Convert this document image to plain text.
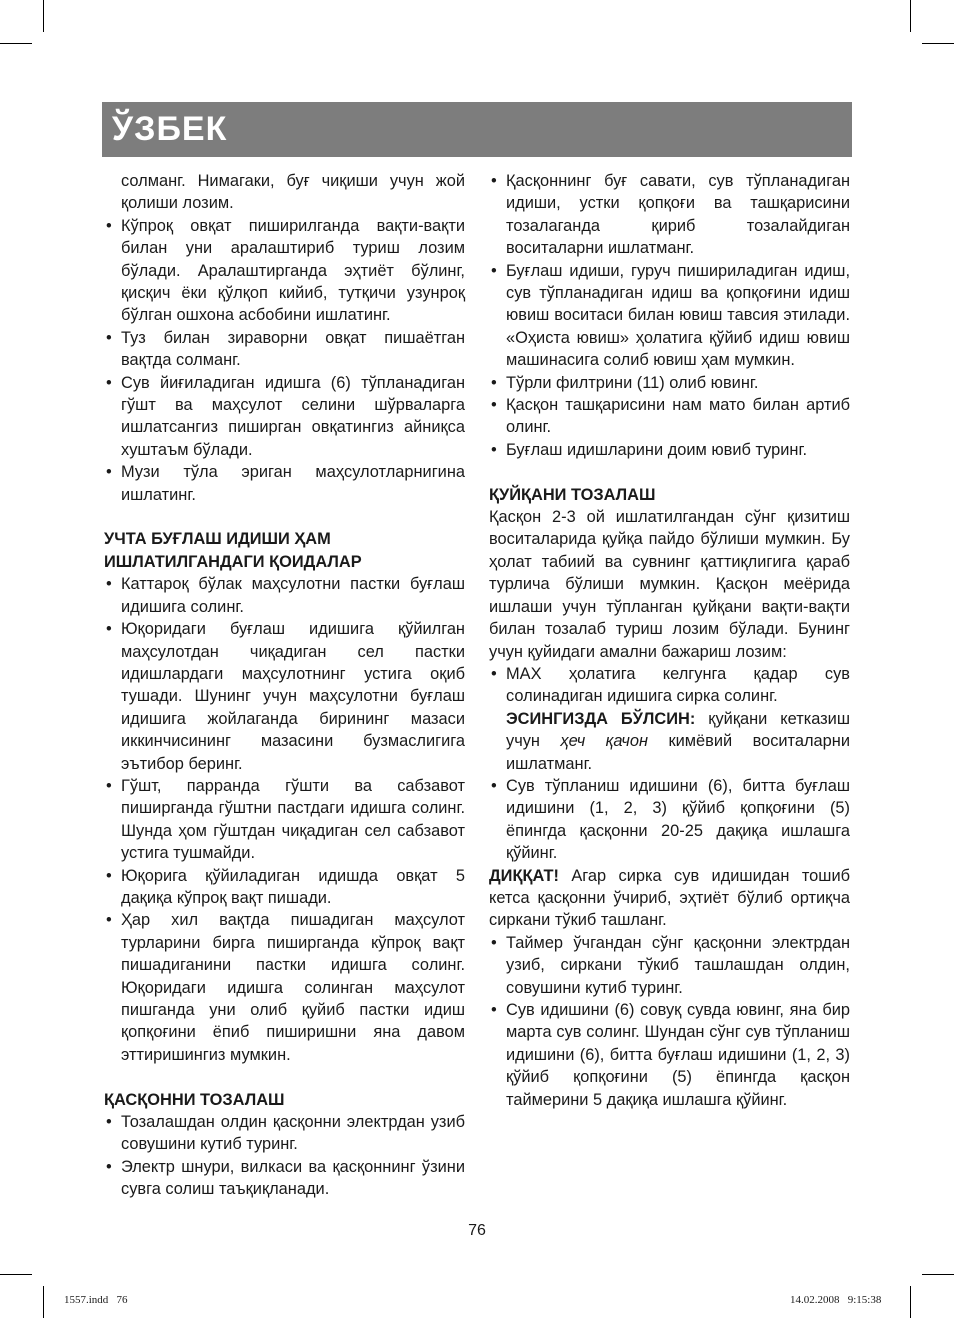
ЎЗБЕК

солманг. Нимагаки, буғ чиқиши учун жой қолиши лозим.

• Кўпроқ овқат пиширилганда вақти-вақти билан уни аралаштириб туриш лозим бўлади. Аралаштирганда эҳтиёт бўлинг, қисқич ёки қўлқоп кийиб, тутқичи узунроқ бўлган ошхона асбобини ишлатинг.
• Туз билан зираворни овқат пишаётган вақтда солманг.
• Сув йиғиладиган идишга (6) тўпланадиган гўшт ва маҳсулот селини шўрваларга ишлатсангиз пиширган овқатингиз айниқса хуштаъм бўлади.
• Музи тўла эриган маҳсулотларнигина ишлатинг.
УЧТА БУҒЛАШ ИДИШИ ҲАМ
ИШЛАТИЛГАНДАГИ ҚОИДАЛАР
• Каттароқ бўлак маҳсулотни пастки буғлаш идишига солинг.
• Юқоридаги буғлаш идишига қўйилган маҳсулотдан чиқадиган сел пастки идишлардаги маҳсулотнинг устига оқиб тушади. Шунинг учун маҳсулотни буғлаш идишига жойлаганда бирининг мазаси иккинчисининг мазасини бузмаслигига эътибор беринг.
• Гўшт, парранда гўшти ва сабзавот пиширганда гўштни пастдаги идишга солинг. Шунда ҳом гўштдан чиқадиган сел сабзавот устига тушмайди.
• Юқорига қўйиладиган идишда овқат 5 дақиқа кўпроқ вақт пишади.
• Ҳар хил вақтда пишадиган маҳсулот турларини бирга пиширганда кўпроқ вақт пишадиганини пастки идишга солинг. Юқоридаги идишга солинган маҳсулот пишганда уни олиб қуйиб пастки идиш қопқоғини ёпиб пиширишни яна давом эттиришингиз мумкин.
ҚАСҚОННИ ТОЗАЛАШ
• Тозалашдан олдин қасқонни электрдан узиб совушини кутиб туринг.
• Электр шнури, вилкаси ва қасқоннинг ўзини сувга солиш таъқиқланади.
• Қасқоннинг буғ савати, сув тўпланадиган идиши, устки қопқоғи ва ташқарисини тозалаганда қириб тозалайдиган воситаларни ишлатманг.
• Буғлаш идиши, гуруч пишириладиган идиш, сув тўпланадиган идиш ва қопқоғини идиш ювиш воситаси билан ювиш тавсия этилади. «Оҳиста ювиш» ҳолатига қўйиб идиш ювиш машинасига солиб ювиш ҳам мумкин.
• Тўрли филтрини (11) олиб ювинг.
• Қасқон ташқарисини нам мато билан артиб олинг.
• Буғлаш идишларини доим ювиб туринг.
ҚУЙҚАНИ ТОЗАЛАШ

Қасқон 2-3 ой ишлатилгандан сўнг қизитиш воситаларида қуйқа пайдо бўлиши мумкин. Бу ҳолат табиий ва сувнинг қаттиқлигига қараб турлича бўлиши мумкин. Қасқон меёрида ишлаши учун тўпланган қуйқани вақти-вақти билан тозалаб туриш лозим бўлади. Бунинг учун қуйидаги амални бажариш лозим:

• MAX ҳолатига келгунга қадар сув солинадиган идишига сирка солинг.

ЭСИНГИЗДА БЎЛСИН: қуйқани кетказиш учун ҳеч қачон кимёвий воситаларни ишлатманг.

• Сув тўпланиш идишини (6), битта буғлаш идишини (1, 2, 3) қўйиб қопқоғини (5) ёпингда қасқонни 20-25 дақиқа ишлашга қўйинг.

ДИҚҚАТ! Агар сирка сув идишидан тошиб кетса қасқонни ўчириб, эҳтиёт бўлиб ортиқча сиркани тўкиб ташланг.

• Таймер ўчгандан сўнг қасқонни электрдан узиб, сиркани тўкиб ташлашдан олдин, совушини кутиб туринг.
• Сув идишини (6) совуқ сувда ювинг, яна бир марта сув солинг. Шундан сўнг сув тўпланиш идишини (6), битта буғлаш идишини (1, 2, 3) қўйиб қопқоғини (5) ёпингда қасқон таймерини 5 дақиқа ишлашга қўйинг.
76
1557.indd   76	14.02.2008   9:15:38
